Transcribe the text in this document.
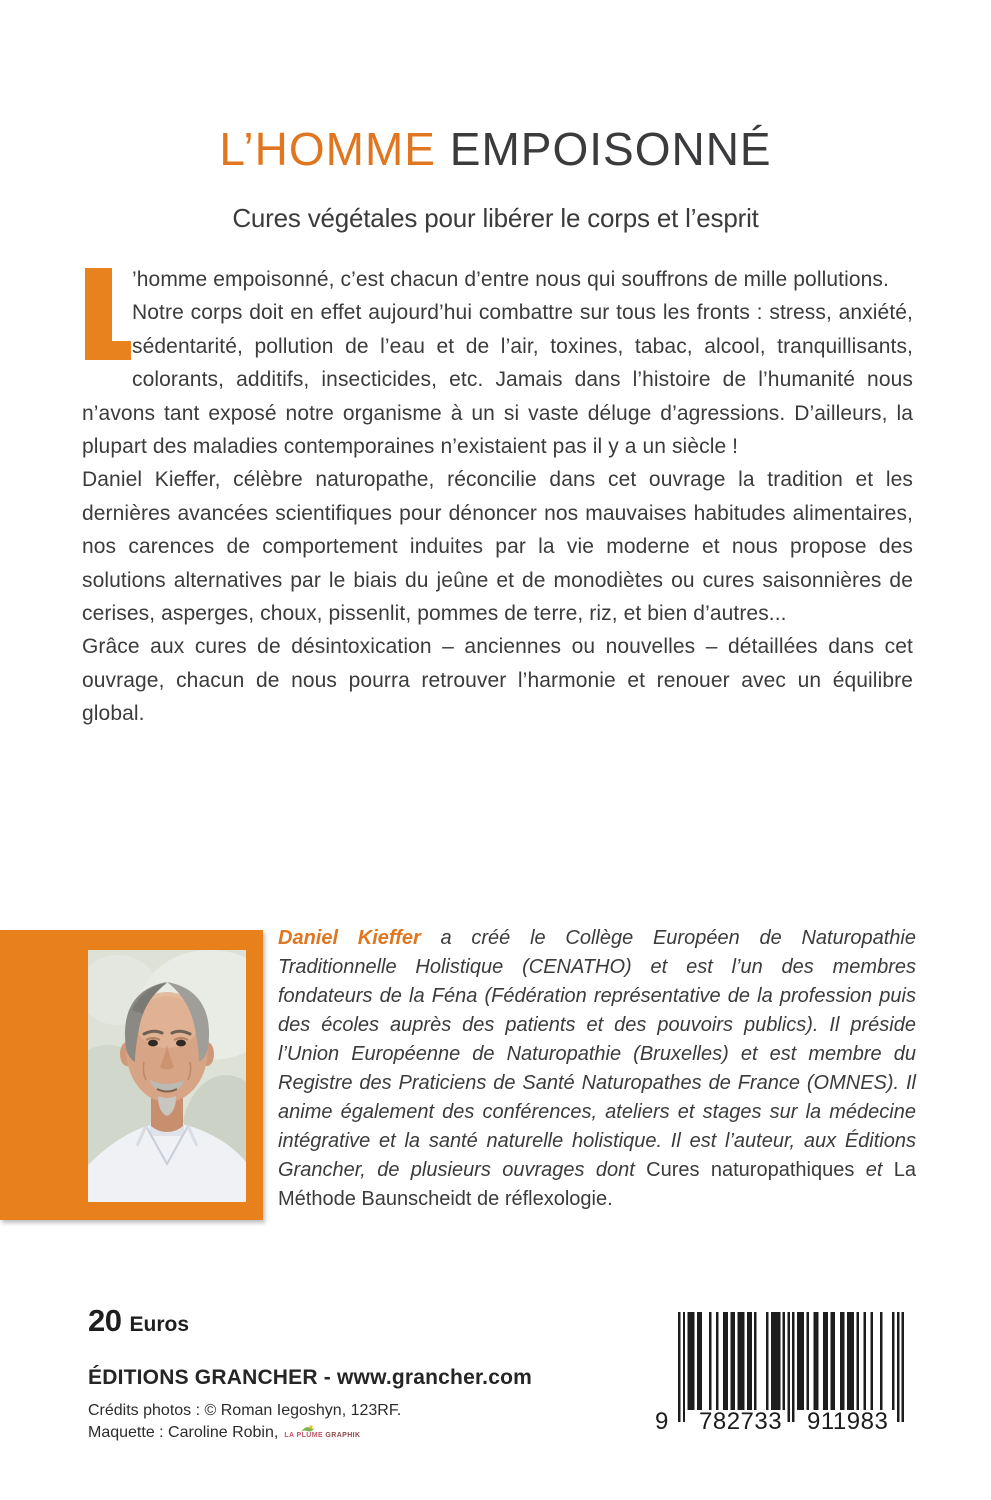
L’HOMME EMPOISONNÉ
Cures végétales pour libérer le corps et l’esprit

’homme empoisonné, c’est chacun d’entre nous qui souffrons de mille pollutions.

Notre corps doit en effet aujourd’hui combattre sur tous les fronts : stress, anxiété, sédentarité, pollution de l’eau et de l’air, toxines, tabac, alcool, tranquillisants, colorants, additifs, insecticides, etc. Jamais dans l’histoire de l’humanité nous n’avons tant exposé notre organisme à un si vaste déluge d’agressions. D’ailleurs, la plupart des maladies contemporaines n’existaient pas il y a un siècle !

Daniel Kieffer, célèbre naturopathe, réconcilie dans cet ouvrage la tradition et les dernières avancées scientifiques pour dénoncer nos mauvaises habitudes alimentaires, nos carences de comportement induites par la vie moderne et nous propose des solutions alternatives par le biais du jeûne et de monodiètes ou cures saisonnières de cerises, asperges, choux, pissenlit, pommes de terre, riz, et bien d’autres...

Grâce aux cures de désintoxication – anciennes ou nouvelles – détaillées dans cet ouvrage, chacun de nous pourra retrouver l’harmonie et renouer avec un équilibre global.

Daniel Kieffer a créé le Collège Européen de Naturopathie Traditionnelle Holistique (CENATHO) et est l’un des membres fondateurs de la Féna (Fédération représentative de la profession puis des écoles auprès des patients et des pouvoirs publics). Il préside l’Union Européenne de Naturopathie (Bruxelles) et est membre du Registre des Praticiens de Santé Naturopathes de France (OMNES). Il anime également des conférences, ateliers et stages sur la médecine intégrative et la santé naturelle holistique. Il est l’auteur, aux Éditions Grancher, de plusieurs ouvrages dont Cures naturopathiques et La Méthode Baunscheidt de réflexologie.

20 Euros
ÉDITIONS GRANCHER - www.grancher.com
Crédits photos : © Roman Iegoshyn, 123RF.
Maquette : Caroline Robin, LA PLUME GRAPHIK
9 782733 911983
